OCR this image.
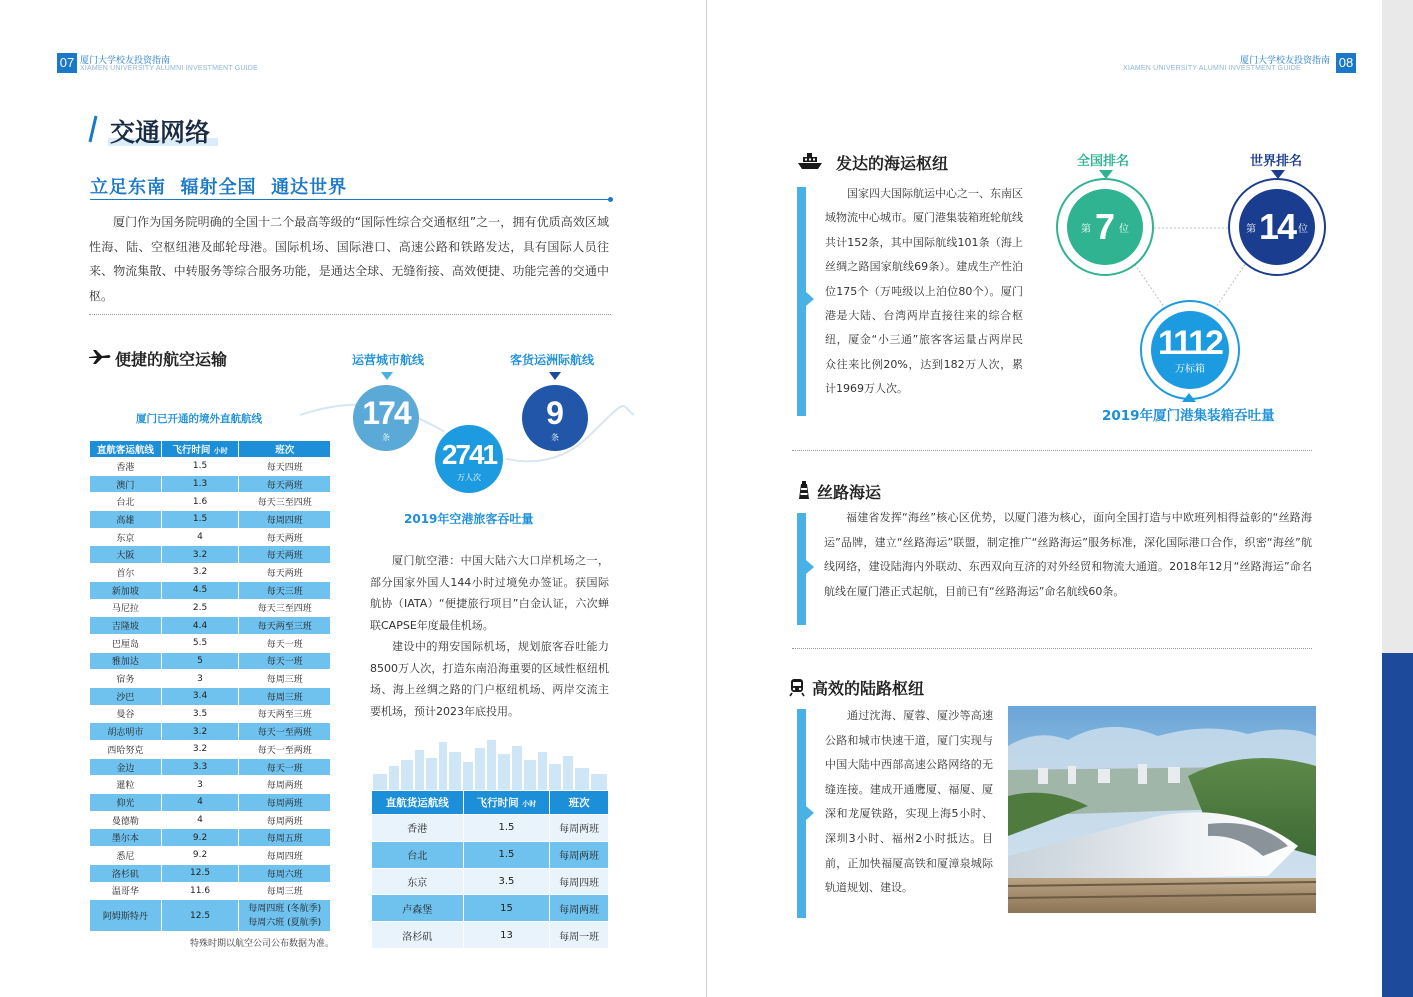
07 厦门大学校友投资指南
XIAMEN UNIVERSITY ALUMNI INVESTMENT GUIDE
厦门大学校友投资指南
XIAMEN UNIVERSITY ALUMNI INVESTMENT GUIDE	08
交通网络
立足东南  辐射全国  通达世界
厦门作为国务院明确的全国十二个最高等级的“国际性综合交通枢纽”之一，拥有优质高效区域性海、陆、空枢纽港及邮轮母港。国际机场、国际港口、高速公路和铁路发达，具有国际人员往来、物流集散、中转服务等综合服务功能，是通达全球、无缝衔接、高效便捷、功能完善的交通中枢。
便捷的航空运输	运营城市航线
174
条
客货运洲际航线
9
条
2741
万人次
2019年空港旅客吞吐量
厦门已开通的境外直航航线
直航客运航线	飞行时间 小时	班次
香港	1.5	每天四班
澳门	1.3	每天两班
台北	1.6	每天三至四班
高雄	1.5	每周四班
东京	4	每天两班
大阪	3.2	每天两班
首尔	3.2	每天两班
新加坡	4.5	每天三班
马尼拉	2.5	每天三至四班
吉隆坡	4.4	每天两至三班
巴厘岛	5.5	每天一班
雅加达	5	每天一班
宿务	3	每周三班
沙巴	3.4	每周三班
曼谷	3.5	每天两至三班
胡志明市	3.2	每天一至两班
西哈努克	3.2	每天一至两班
金边	3.3	每天一班
暹粒	3	每周两班
仰光	4	每周两班
曼德勒	4	每周两班
墨尔本	9.2	每周五班
悉尼	9.2	每周四班
洛杉矶	12.5	每周六班
温哥华	11.6	每周三班
阿姆斯特丹	12.5	每周四班 (冬航季)
每周六班 (夏航季)
特殊时期以航空公司公布数据为准。
厦门航空港：中国大陆六大口岸机场之一，部分国家外国人144小时过境免办签证。获国际航协（IATA）“便捷旅行项目”白金认证，六次蝉联CAPSE年度最佳机场。
建设中的翔安国际机场，规划旅客吞吐能力8500万人次，打造东南沿海重要的区域性枢纽机场、海上丝绸之路的门户枢纽机场、两岸交流主要机场，预计2023年底投用。
直航货运航线	飞行时间 小时	班次
香港	1.5	每周两班
台北	1.5	每周两班
东京	3.5	每周四班
卢森堡	15	每周两班
洛杉矶	13	每周一班
发达的海运枢纽
国家四大国际航运中心之一、东南区域物流中心城市。厦门港集装箱班轮航线共计152条，其中国际航线101条（海上丝绸之路国家航线69条）。建成生产性泊位175个（万吨级以上泊位80个）。厦门港是大陆、台湾两岸直接往来的综合枢纽，厦金“小三通”旅客客运量占两岸民众往来比例20%，达到182万人次，累计1969万人次。
全国排名
第 7 位
世界排名
第 14 位
1112
万标箱
2019年厦门港集装箱吞吐量
丝路海运
福建省发挥“海丝”核心区优势，以厦门港为核心，面向全国打造与中欧班列相得益彰的“丝路海运”品牌，建立“丝路海运”联盟，制定推广“丝路海运”服务标准，深化国际港口合作，织密“海丝”航线网络，建设陆海内外联动、东西双向互济的对外经贸和物流大通道。2018年12月“丝路海运”命名航线在厦门港正式起航，目前已有“丝路海运”命名航线60条。
高效的陆路枢纽
通过沈海、厦蓉、厦沙等高速公路和城市快速干道，厦门实现与中国大陆中西部高速公路网络的无缝连接。建成开通鹰厦、福厦、厦深和龙厦铁路，实现上海5小时、深圳3小时、福州2小时抵达。目前，正加快福厦高铁和厦漳泉城际轨道规划、建设。
